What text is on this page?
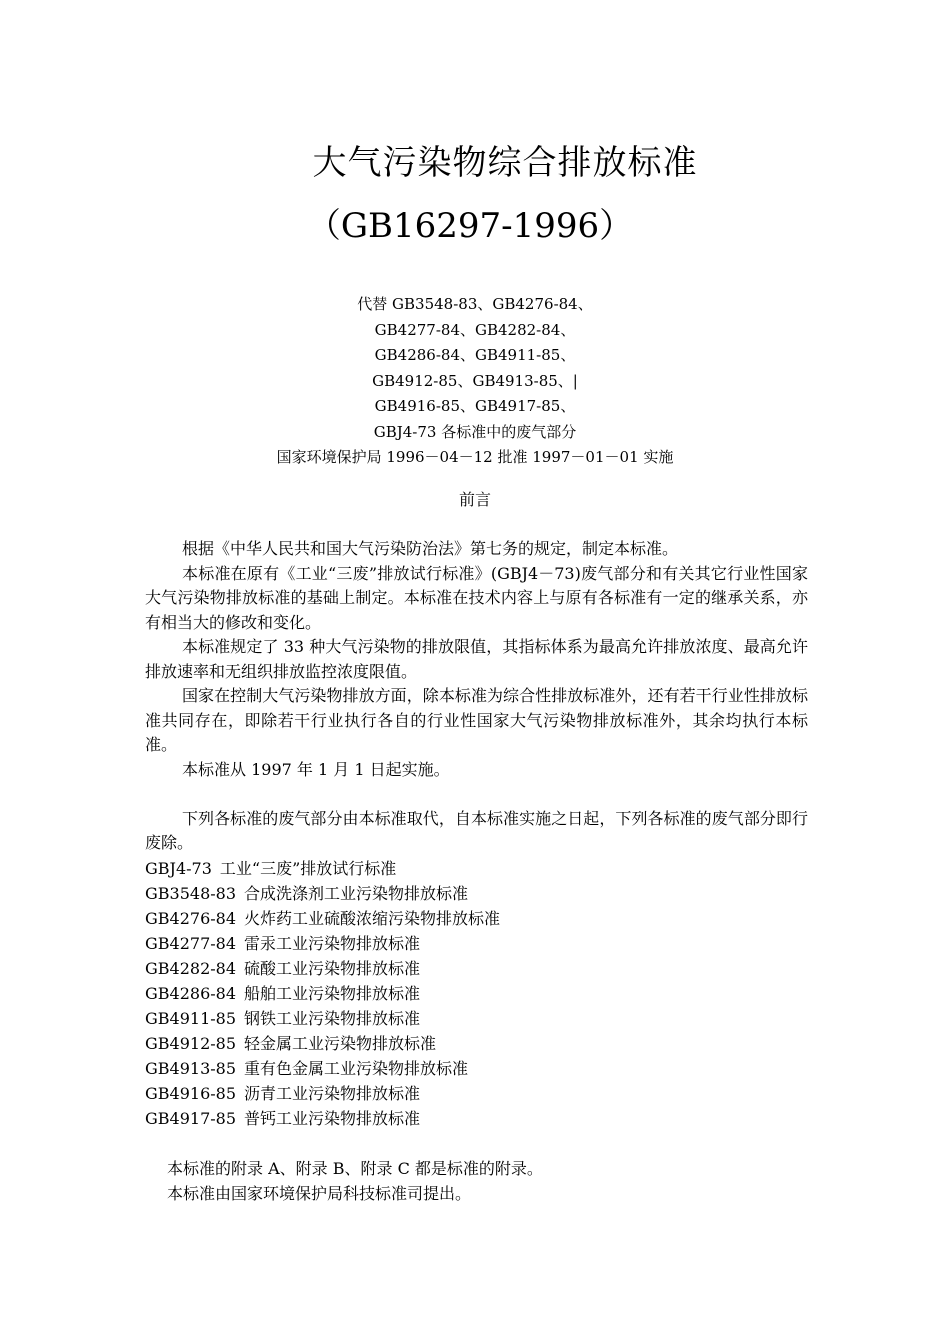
大气污染物综合排放标准
（GB16297-1996）
代替 GB3548-83、GB4276-84、
GB4277-84、GB4282-84、
GB4286-84、GB4911-85、
GB4912-85、GB4913-85、|
GB4916-85、GB4917-85、
GBJ4-73 各标准中的废气部分
国家环境保护局 1996－04－12 批准 1997－01－01 实施
前言

根据《中华人民共和国大气污染防治法》第七务的规定，制定本标准。

本标准在原有《工业“三废”排放试行标准》(GBJ4－73)废气部分和有关其它行业性国家大气污染物排放标准的基础上制定。本标准在技术内容上与原有各标准有一定的继承关系，亦有相当大的修改和变化。

本标准规定了 33 种大气污染物的排放限值，其指标体系为最高允许排放浓度、最高允许排放速率和无组织排放监控浓度限值。

国家在控制大气污染物排放方面，除本标准为综合性排放标准外，还有若干行业性排放标准共同存在，即除若干行业执行各自的行业性国家大气污染物排放标准外，其余均执行本标准。

本标准从 1997 年 1 月 1 日起实施。

下列各标准的废气部分由本标准取代，自本标准实施之日起，下列各标准的废气部分即行废除。

GBJ4-73 工业“三废”排放试行标准
GB3548-83 合成洗涤剂工业污染物排放标准
GB4276-84 火炸药工业硫酸浓缩污染物排放标准
GB4277-84 雷汞工业污染物排放标准
GB4282-84 硫酸工业污染物排放标准
GB4286-84 船舶工业污染物排放标准
GB4911-85 钢铁工业污染物排放标准
GB4912-85 轻金属工业污染物排放标准
GB4913-85 重有色金属工业污染物排放标准
GB4916-85 沥青工业污染物排放标准
GB4917-85 普钙工业污染物排放标准
本标准的附录 A、附录 B、附录 C 都是标准的附录。
本标准由国家环境保护局科技标准司提出。
